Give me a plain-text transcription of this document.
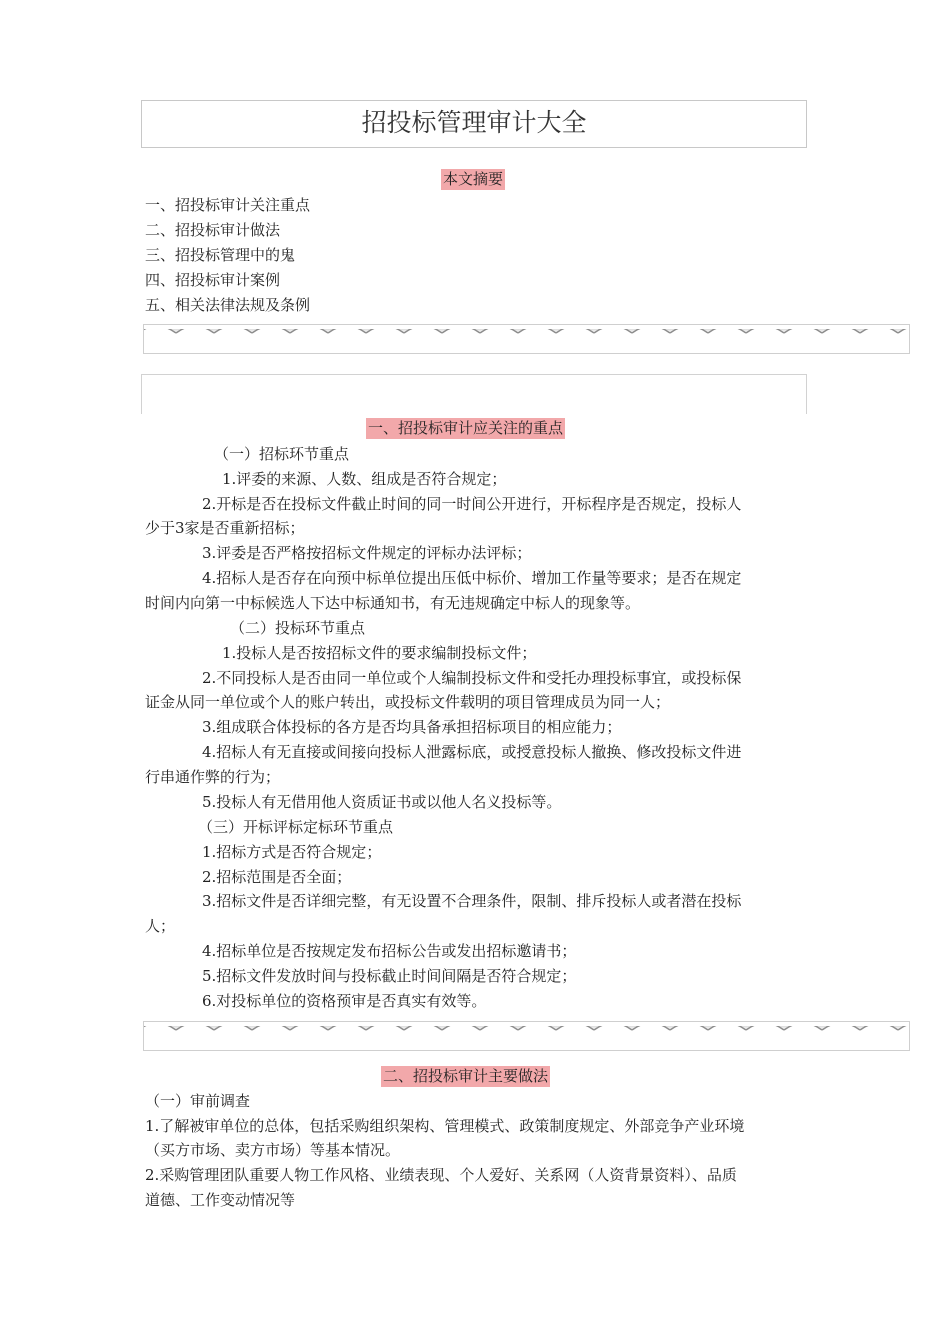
招投标管理审计大全
本文摘要
一、招投标审计关注重点
二、招投标审计做法
三、招投标管理中的鬼
四、招投标审计案例
五、相关法律法规及条例
一、招投标审计应关注的重点
（一）招标环节重点
1.评委的来源、人数、组成是否符合规定；
2.开标是否在投标文件截止时间的同一时间公开进行，开标程序是否规定，投标人
少于3家是否重新招标；
3.评委是否严格按招标文件规定的评标办法评标；
4.招标人是否存在向预中标单位提出压低中标价、增加工作量等要求；是否在规定
时间内向第一中标候选人下达中标通知书，有无违规确定中标人的现象等。
（二）投标环节重点
1.投标人是否按招标文件的要求编制投标文件；
2.不同投标人是否由同一单位或个人编制投标文件和受托办理投标事宜，或投标保
证金从同一单位或个人的账户转出，或投标文件载明的项目管理成员为同一人；
3.组成联合体投标的各方是否均具备承担招标项目的相应能力；
4.招标人有无直接或间接向投标人泄露标底，或授意投标人撤换、修改投标文件进
行串通作弊的行为；
5.投标人有无借用他人资质证书或以他人名义投标等。
（三）开标评标定标环节重点
1.招标方式是否符合规定；
2.招标范围是否全面；
3.招标文件是否详细完整，有无设置不合理条件，限制、排斥投标人或者潜在投标
人；
4.招标单位是否按规定发布招标公告或发出招标邀请书；
5.招标文件发放时间与投标截止时间间隔是否符合规定；
6.对投标单位的资格预审是否真实有效等。
二、招投标审计主要做法
（一）审前调查
1.了解被审单位的总体，包括采购组织架构、管理模式、政策制度规定、外部竞争产业环境
（买方市场、卖方市场）等基本情况。
2.采购管理团队重要人物工作风格、业绩表现、个人爱好、关系网（人资背景资料）、品质
道德、工作变动情况等
